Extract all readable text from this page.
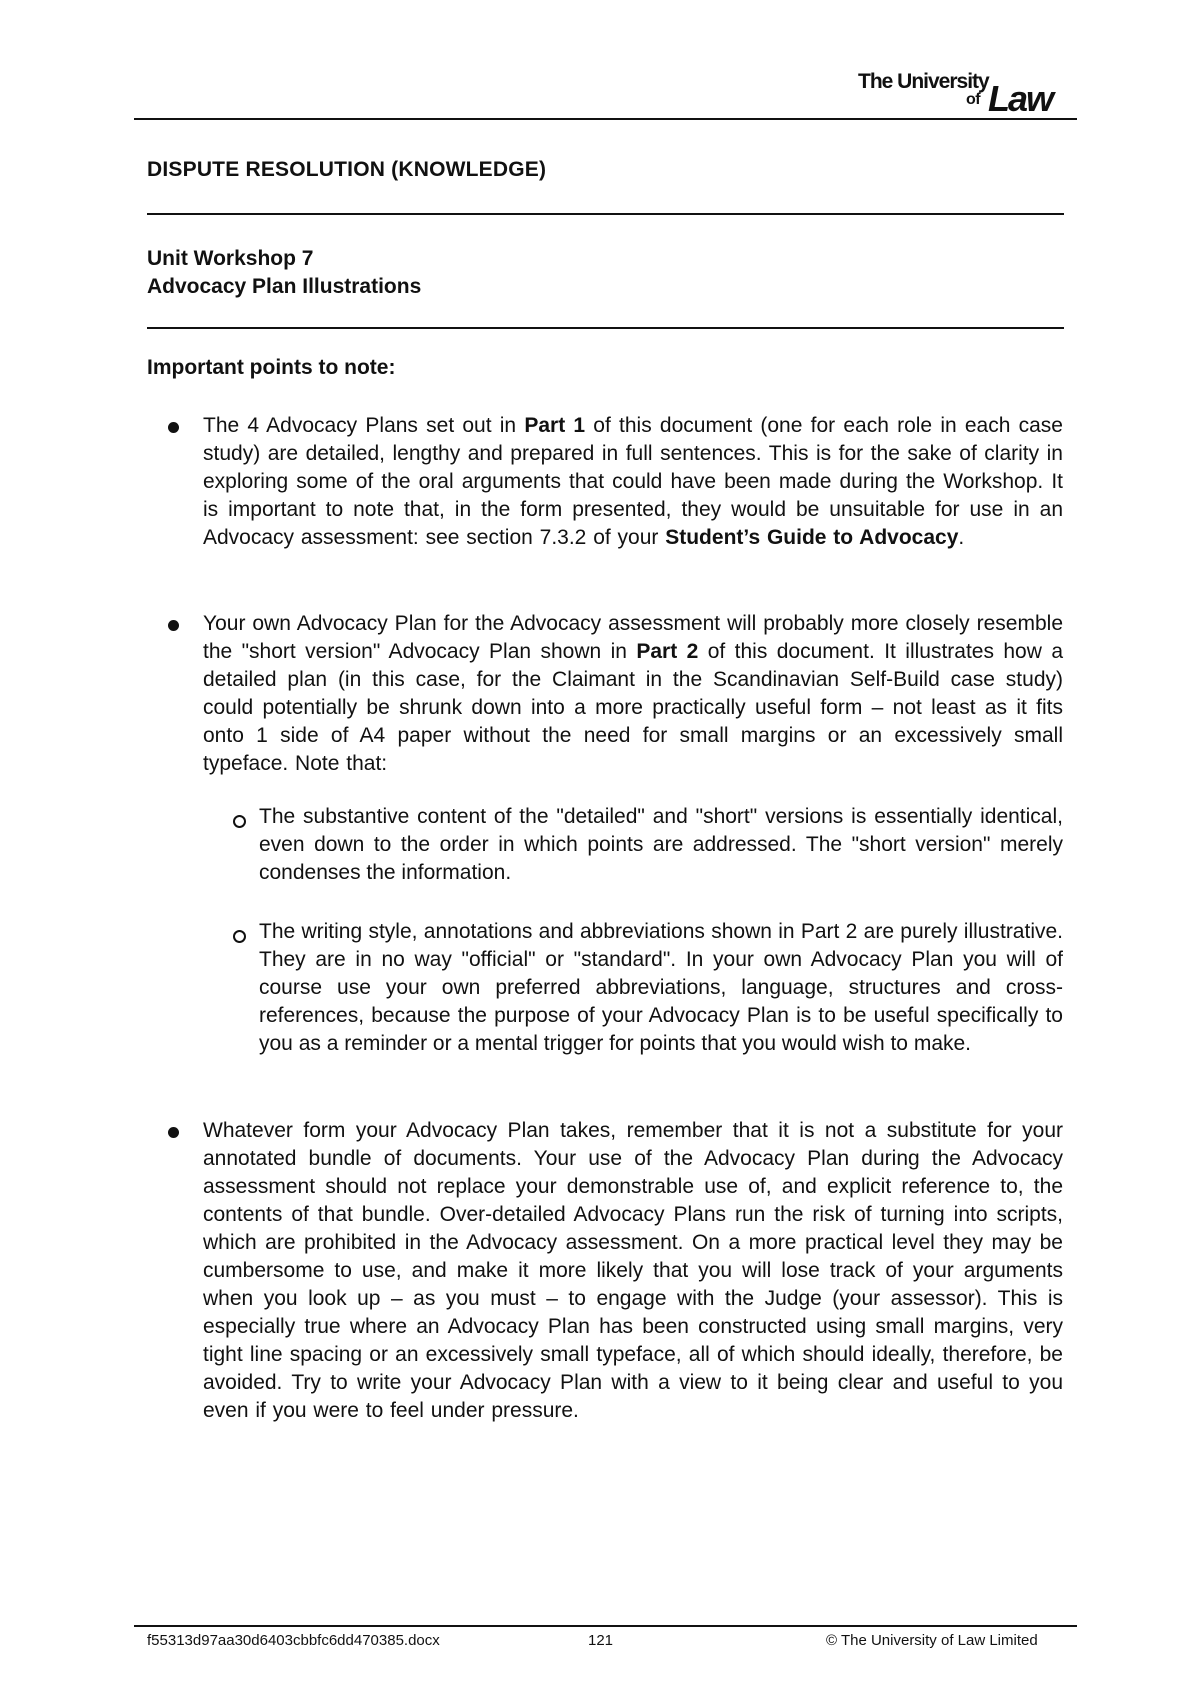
The University
of Law
DISPUTE RESOLUTION (KNOWLEDGE)
Unit Workshop 7
Advocacy Plan Illustrations
Important points to note:
The 4 Advocacy Plans set out in Part 1 of this document (one for each role in each case study) are detailed, lengthy and prepared in full sentences. This is for the sake of clarity in exploring some of the oral arguments that could have been made during the Workshop. It is important to note that, in the form presented, they would be unsuitable for use in an Advocacy assessment: see section 7.3.2 of your Student’s Guide to Advocacy.
Your own Advocacy Plan for the Advocacy assessment will probably more closely resemble the "short version" Advocacy Plan shown in Part 2 of this document. It illustrates how a detailed plan (in this case, for the Claimant in the Scandinavian Self-Build case study) could potentially be shrunk down into a more practically useful form – not least as it fits onto 1 side of A4 paper without the need for small margins or an excessively small typeface. Note that:
The substantive content of the "detailed" and "short" versions is essentially identical, even down to the order in which points are addressed. The "short version" merely condenses the information.
The writing style, annotations and abbreviations shown in Part 2 are purely illustrative. They are in no way "official" or "standard". In your own Advocacy Plan you will of course use your own preferred abbreviations, language, structures and cross-references, because the purpose of your Advocacy Plan is to be useful specifically to you as a reminder or a mental trigger for points that you would wish to make.
Whatever form your Advocacy Plan takes, remember that it is not a substitute for your annotated bundle of documents. Your use of the Advocacy Plan during the Advocacy assessment should not replace your demonstrable use of, and explicit reference to, the contents of that bundle. Over-detailed Advocacy Plans run the risk of turning into scripts, which are prohibited in the Advocacy assessment. On a more practical level they may be cumbersome to use, and make it more likely that you will lose track of your arguments when you look up – as you must – to engage with the Judge (your assessor). This is especially true where an Advocacy Plan has been constructed using small margins, very tight line spacing or an excessively small typeface, all of which should ideally, therefore, be avoided. Try to write your Advocacy Plan with a view to it being clear and useful to you even if you were to feel under pressure.
f55313d97aa30d6403cbbfc6dd470385.docx	121	© The University of Law Limited
